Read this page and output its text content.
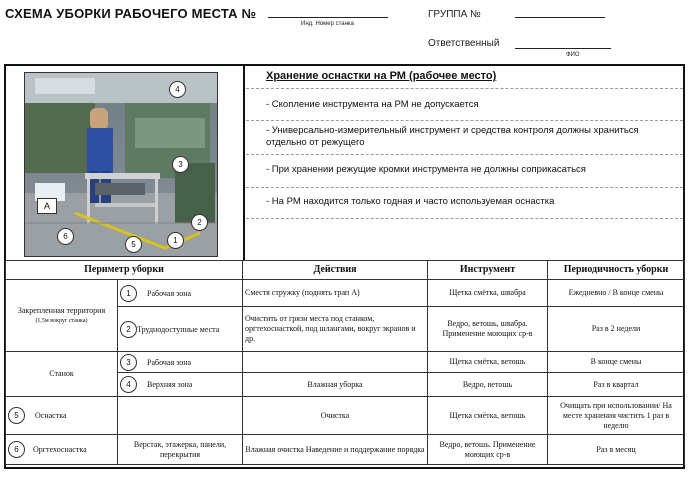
СХЕМА УБОРКИ РАБОЧЕГО МЕСТА №
Инд. Номер станка
ГРУППА №
Ответственный
ФИО
A
4
3
2
1
5
6
Хранение оснастки на РМ (рабочее место)
- Скопление инструмента на РМ не допускается
- Универсально-измерительный инструмент и средства контроля должны храниться отдельно от режущего
- При хранении режущие кромки инструмента не должны соприкасаться
- На РМ находится только годная и часто используемая оснастка
Периметр уборки		Действия	Инструмент	Периодичность уборки

Закрепленная территория
(1,5м вокруг станка)	1 Рабочая зона	Сместя стружку (поднять трап А)	Щетка смётка, швабра	Ежедневно / В конце смены
	2 Труднодоступные места	Очистить от грязи места под станком, оргтехоснасткой, под шлангами, вокруг экранов и др.	Ведро, ветошь, швабра. Применение моющих ср-в	Раз в 2 недели
Станок	3 Рабочая зона		Щетка смётка, ветошь	В конце смены
	4 Верхняя зона	Влажная уборка	Ведро, ветошь	Раз в квартал
5 Оснастка		Очистка	Щетка смётка, ветошь	Очищать при использовании/ На месте хранения чистить 1 раз в неделю
6 Оргтехоснастка	Верстак, этажерка, панели, перекрытия	Влажная очистка Наведение и поддержание порядка	Ведро, ветошь. Применение моющих ср-в	Раз в месяц
